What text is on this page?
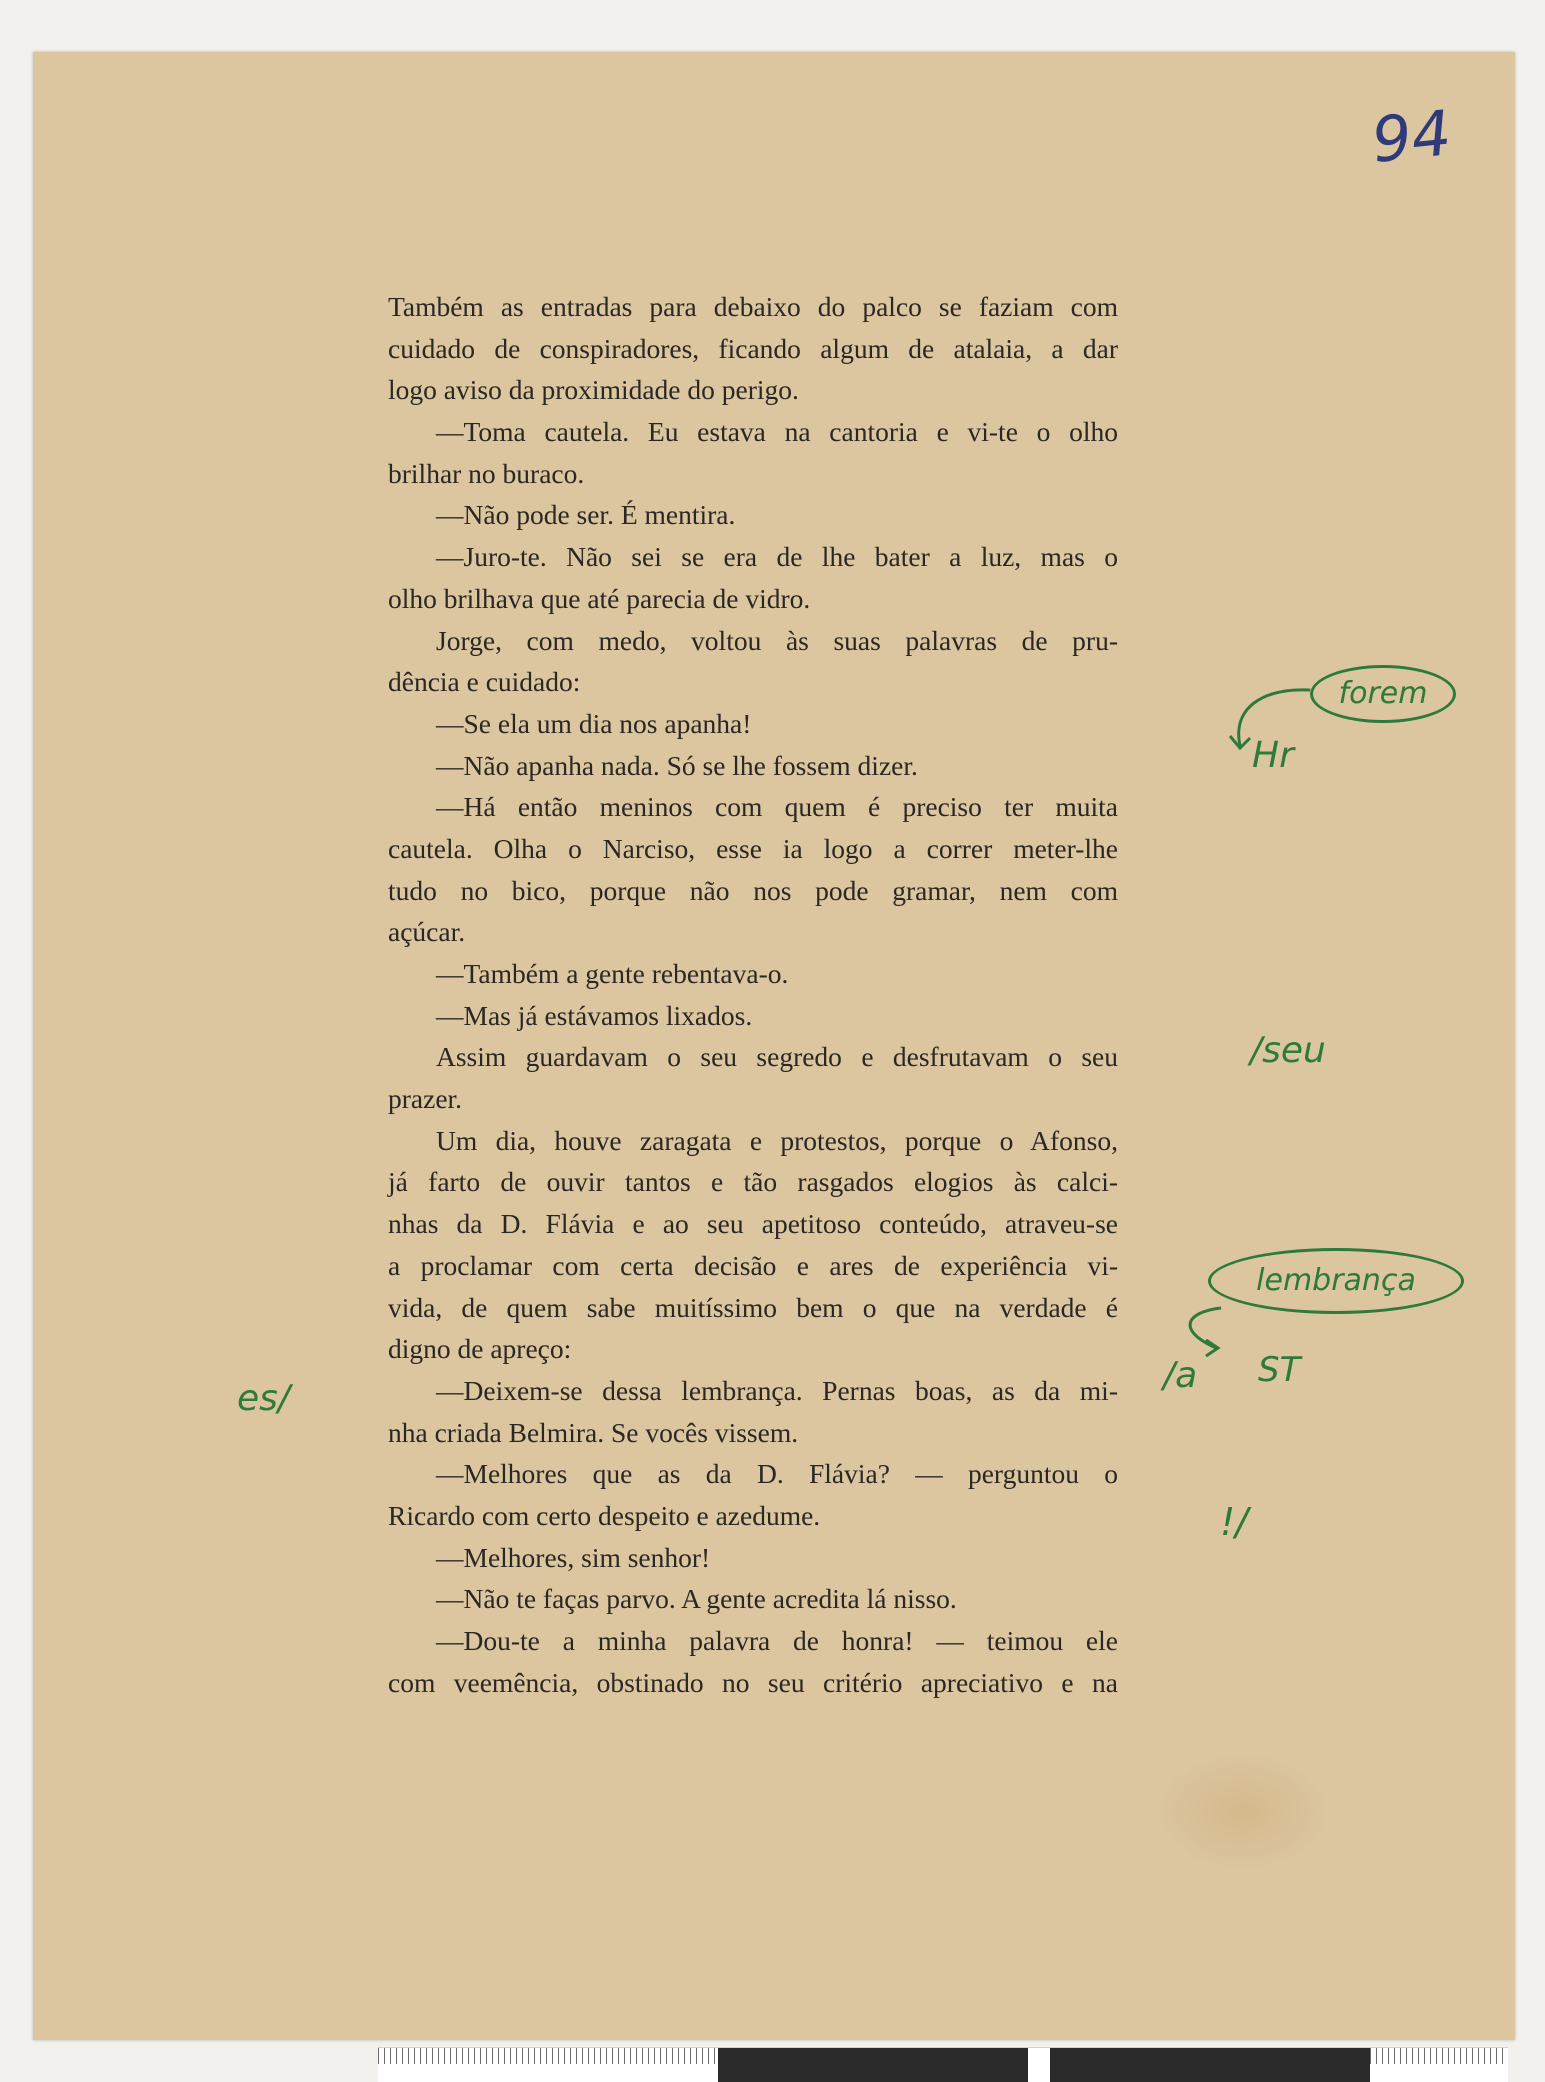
94
Também as entradas para debaixo do palco se faziam com
cuidado de conspiradores, ficando algum de atalaia, a dar
logo aviso da proximidade do perigo.
—Toma cautela. Eu estava na cantoria e vi-te o olho
brilhar no buraco.
—Não pode ser. É mentira.
—Juro-te. Não sei se era de lhe bater a luz, mas o
olho brilhava que até parecia de vidro.
Jorge, com medo, voltou às suas palavras de pru-
dência e cuidado:
—Se ela um dia nos apanha!
—Não apanha nada. Só se lhe fossem dizer.
—Há então meninos com quem é preciso ter muita
cautela. Olha o Narciso, esse ia logo a correr meter-lhe
tudo no bico, porque não nos pode gramar, nem com
açúcar.
—Também a gente rebentava-o.
—Mas já estávamos lixados.
Assim guardavam o seu segredo e desfrutavam o seu
prazer.
Um dia, houve zaragata e protestos, porque o Afonso,
já farto de ouvir tantos e tão rasgados elogios às calci-
nhas da D. Flávia e ao seu apetitoso conteúdo, atraveu-se
a proclamar com certa decisão e ares de experiência vi-
vida, de quem sabe muitíssimo bem o que na verdade é
digno de apreço:
—Deixem-se dessa lembrança. Pernas boas, as da mi-
nha criada Belmira. Se vocês vissem.
—Melhores que as da D. Flávia? — perguntou o
Ricardo com certo despeito e azedume.
—Melhores, sim senhor!
—Não te faças parvo. A gente acredita lá nisso.
—Dou-te a minha palavra de honra! — teimou ele
com veemência, obstinado no seu critério apreciativo e na
forem
Hr
/seu
lembrança
/a ST
!/
es/
